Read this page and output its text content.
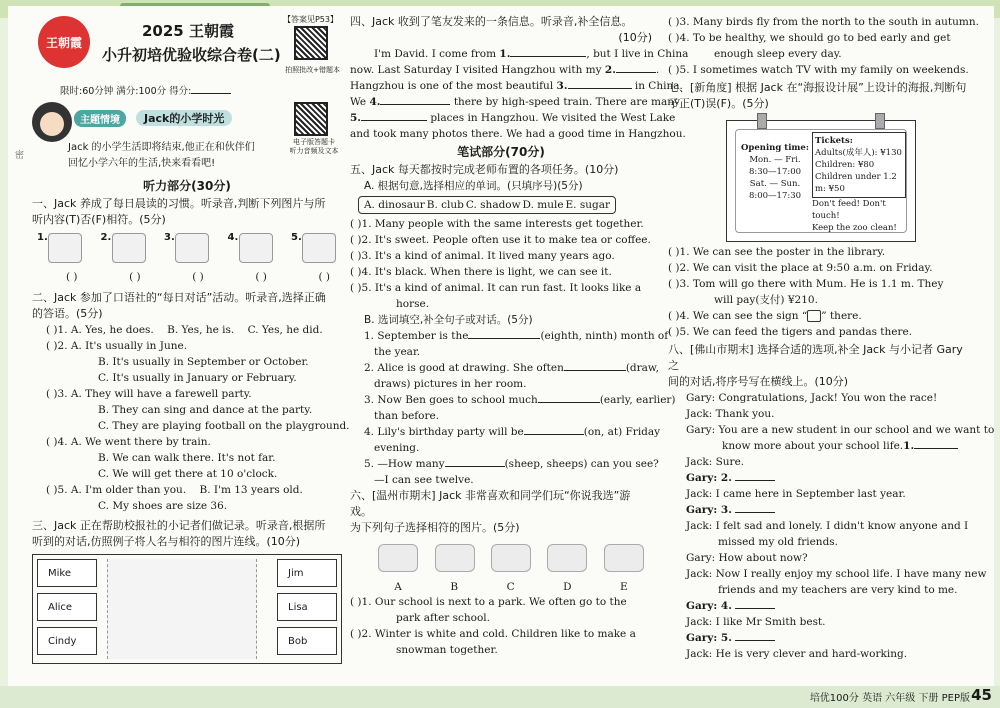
密

王朝霞
2025 王朝霞
小升初培优验收综合卷(二)
【答案见P53】
拍照批改+错题本
限时:60分钟 满分:100分 得分:
主题情境	Jack的小学时光
电子版答题卡
听力音频及文本
Jack 的小学生活即将结束,他正在和伙伴们
回忆小学六年的生活,快来看看吧!
听力部分(30分)
一、Jack 养成了每日晨读的习惯。听录音,判断下列图片与所
听内容(T)否(F)相符。(5分)
1.	2.	3.	4.	5.
( )	( )	( )	( )	( )
二、Jack 参加了口语社的“每日对话”活动。听录音,选择正确
的答语。(5分)
( )1. A. Yes, he does. B. Yes, he is. C. Yes, he did.
( )2. A. It's usually in June.
B. It's usually in September or October.
C. It's usually in January or February.
( )3. A. They will have a farewell party.
B. They can sing and dance at the party.
C. They are playing football on the playground.
( )4. A. We went there by train.
B. We can walk there. It's not far.
C. We will get there at 10 o'clock.
( )5. A. I'm older than you. B. I'm 13 years old.
C. My shoes are size 36.
三、Jack 正在帮助校报社的小记者们做记录。听录音,根据所
听到的对话,仿照例子将人名与相符的图片连线。(10分)
Mike
Alice
Cindy
Jim
Lisa
Bob
四、Jack 收到了笔友发来的一条信息。听录音,补全信息。
(10分)
I'm David. I come from 1.	, but I live in China
now. Last Saturday I visited Hangzhou with my 2.
Hangzhou is one of the most beautiful 3.	in China.
We 4.	there by high-speed train. There are many
5.	places in Hangzhou. We visited the West Lake
and took many photos there. We had a good time in Hangzhou.
笔试部分(70分)
五、Jack 每天都按时完成老师布置的各项任务。(10分)
A. 根据句意,选择相应的单词。(只填序号)(5分)
A. dinosaur B. club C. shadow D. mule E. sugar
( )1. Many people with the same interests get together.
( )2. It's sweet. People often use it to make tea or coffee.
( )3. It's a kind of animal. It lived many years ago.
( )4. It's black. When there is light, we can see it.
( )5. It's a kind of animal. It can run fast. It looks like a
horse.
B. 选词填空,补全句子或对话。(5分)
1. September is the	(eighth, ninth) month of
the year.
2. Alice is good at drawing. She often	(draw,
draws) pictures in her room.
3. Now Ben goes to school much	(early, earlier)
than before.
4. Lily's birthday party will be	(on, at) Friday
evening.
5. —How many	(sheep, sheeps) can you see?
—I can see twelve.
六、[温州市期末] Jack 非常喜欢和同学们玩“你说我选”游戏。
为下列句子选择相符的图片。(5分)
A	B	C	D	E
( )1. Our school is next to a park. We often go to the
park after school.
( )2. Winter is white and cold. Children like to make a
snowman together.
( )3. Many birds fly from the north to the south in autumn.
( )4. To be healthy, we should go to bed early and get
enough sleep every day.
( )5. I sometimes watch TV with my family on weekends.
七、[新角度] 根据 Jack 在“海报设计展”上设计的海报,判断句
子正(T)误(F)。(5分)
Opening time:
Mon. — Fri.
8:30—17:00
Sat. — Sun.
8:00—17:30
Tickets:
Adults(成年人): ¥130
Children: ¥80
Children under 1.2 m: ¥50
Don't feed! Don't touch!
Keep the zoo clean!
( )1. We can see the poster in the library.
( )2. We can visit the place at 9:50 a.m. on Friday.
( )3. Tom will go there with Mum. He is 1.1 m. They
will pay(支付) ¥210.
( )4. We can see the sign “ ” there.
( )5. We can feed the tigers and pandas there.
八、[佛山市期末] 选择合适的选项,补全 Jack 与小记者 Gary 之
间的对话,将序号写在横线上。(10分)
Gary: Congratulations, Jack! You won the race!
Jack: Thank you.
Gary: You are a new student in our school and we want to
know more about your school life.1.
Jack: Sure.
Gary: 2.
Jack: I came here in September last year.
Gary: 3.
Jack: I felt sad and lonely. I didn't know anyone and I
missed my old friends.
Gary: How about now?
Jack: Now I really enjoy my school life. I have many new
friends and my teachers are very kind to me.
Gary: 4.
Jack: I like Mr Smith best.
Gary: 5.
Jack: He is very clever and hard-working.
培优100分 英语 六年级 下册 PEP版 45
